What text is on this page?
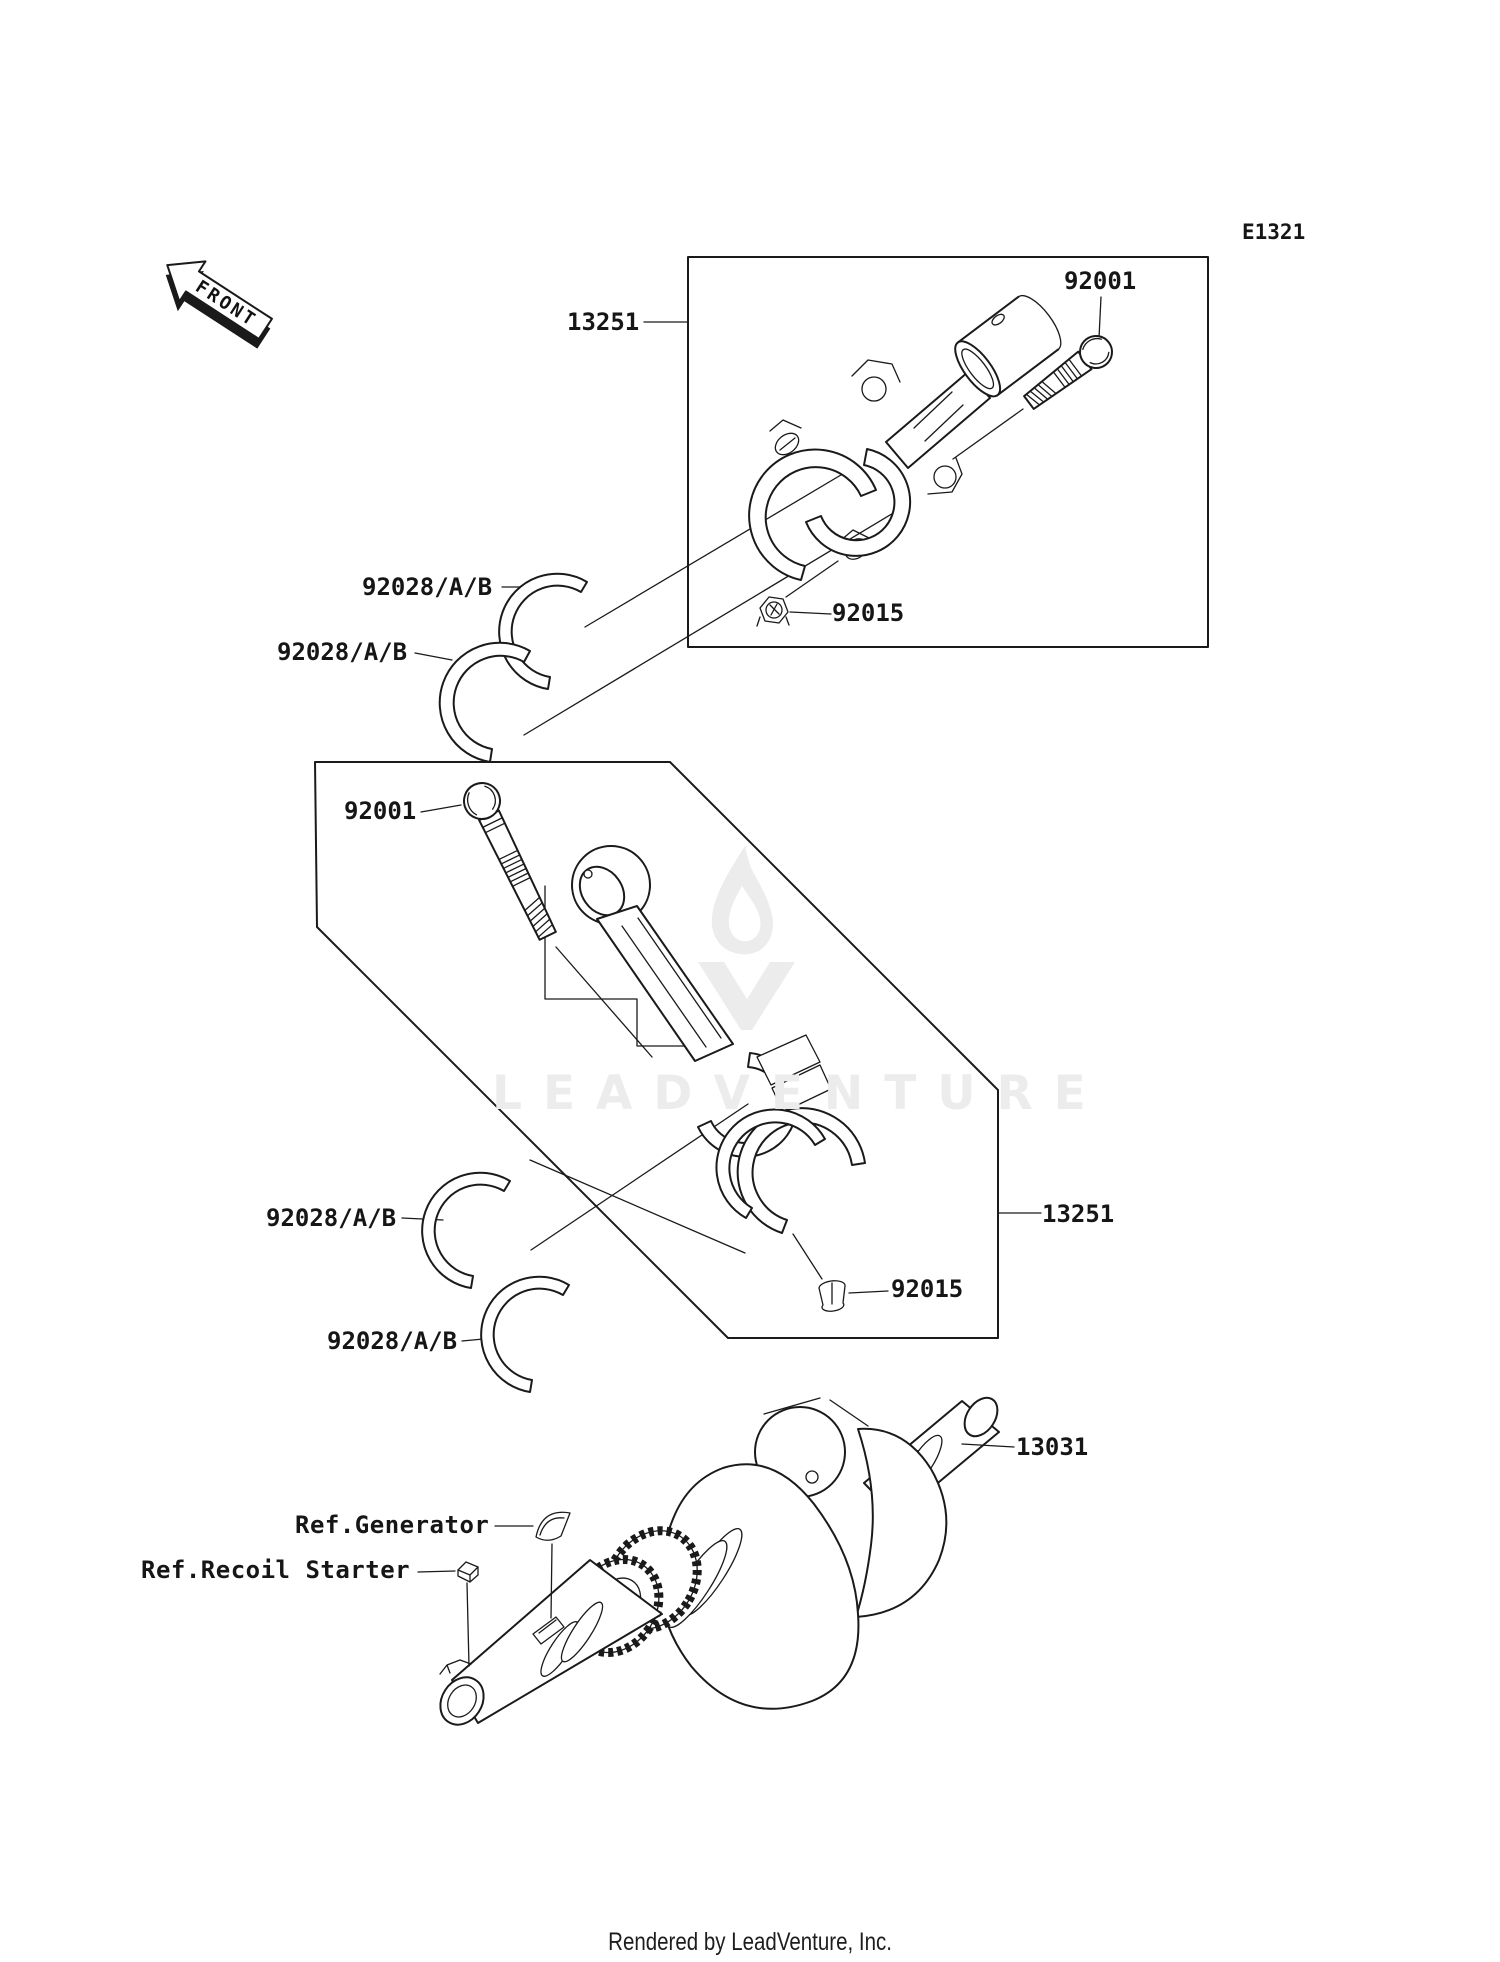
FRONT
E1321
13251
92001
92028/A/B
92028/A/B
92015
92001
13251
92028/A/B
92015
92028/A/B
13031
Ref.Generator
Ref.Recoil Starter
LEADVENTURE
Rendered by LeadVenture, Inc.
